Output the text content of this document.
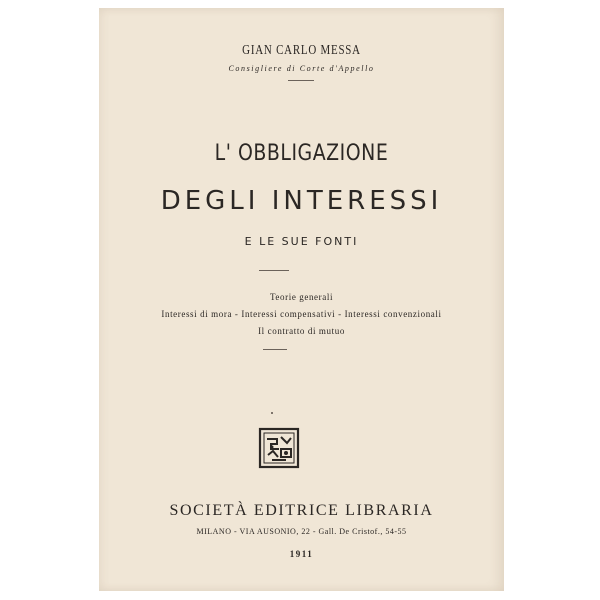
GIAN CARLO MESSA
Consigliere di Corte d'Appello
L' OBBLIGAZIONE
DEGLI INTERESSI
E LE SUE FONTI
Teorie generali
Interessi di mora - Interessi compensativi - Interessi convenzionali
Il contratto di mutuo
SOCIETÀ EDITRICE LIBRARIA
MILANO - VIA AUSONIO, 22 - Gall. De Cristof., 54-55
1911
